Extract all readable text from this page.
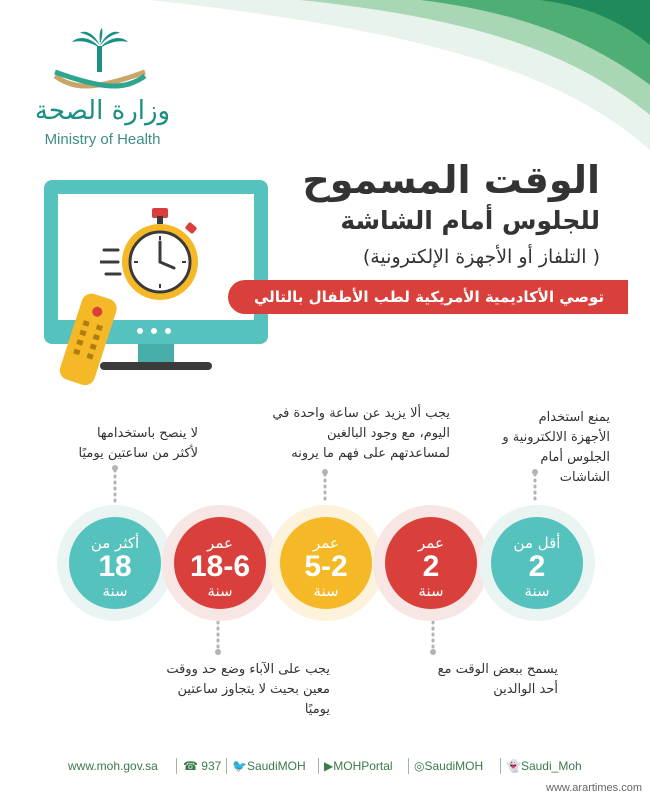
وزارة الصحة
Ministry of Health
الوقت المسموح
للجلوس أمام الشاشة
( التلفاز أو الأجهزة الإلكترونية)
توصي الأكاديمية الأمريكية لطب الأطفال بالتالي
يمنع استخدام
الأجهزة الالكترونية و
الجلوس أمام
الشاشات
يجب ألا يزيد عن ساعة واحدة في
اليوم، مع وجود البالغين
لمساعدتهم على فهم ما يرونه
لا ينصح باستخدامها
لأكثر من ساعتين يوميًا
يجب على الآباء وضع حد ووقت
معين بحيث لا يتجاوز ساعتين
يوميًا
يسمح ببعض الوقت مع
أحد الوالدين
أكثر من
18
سنة
عمر
18-6
سنة
عمر
5-2
سنة
عمر
2
سنة
أقل من
2
سنة
www.moh.gov.sa ☎ 937 🐦SaudiMOH ▶MOHPortal ◎SaudiMOH 👻Saudi_Moh
www.arartimes.com
